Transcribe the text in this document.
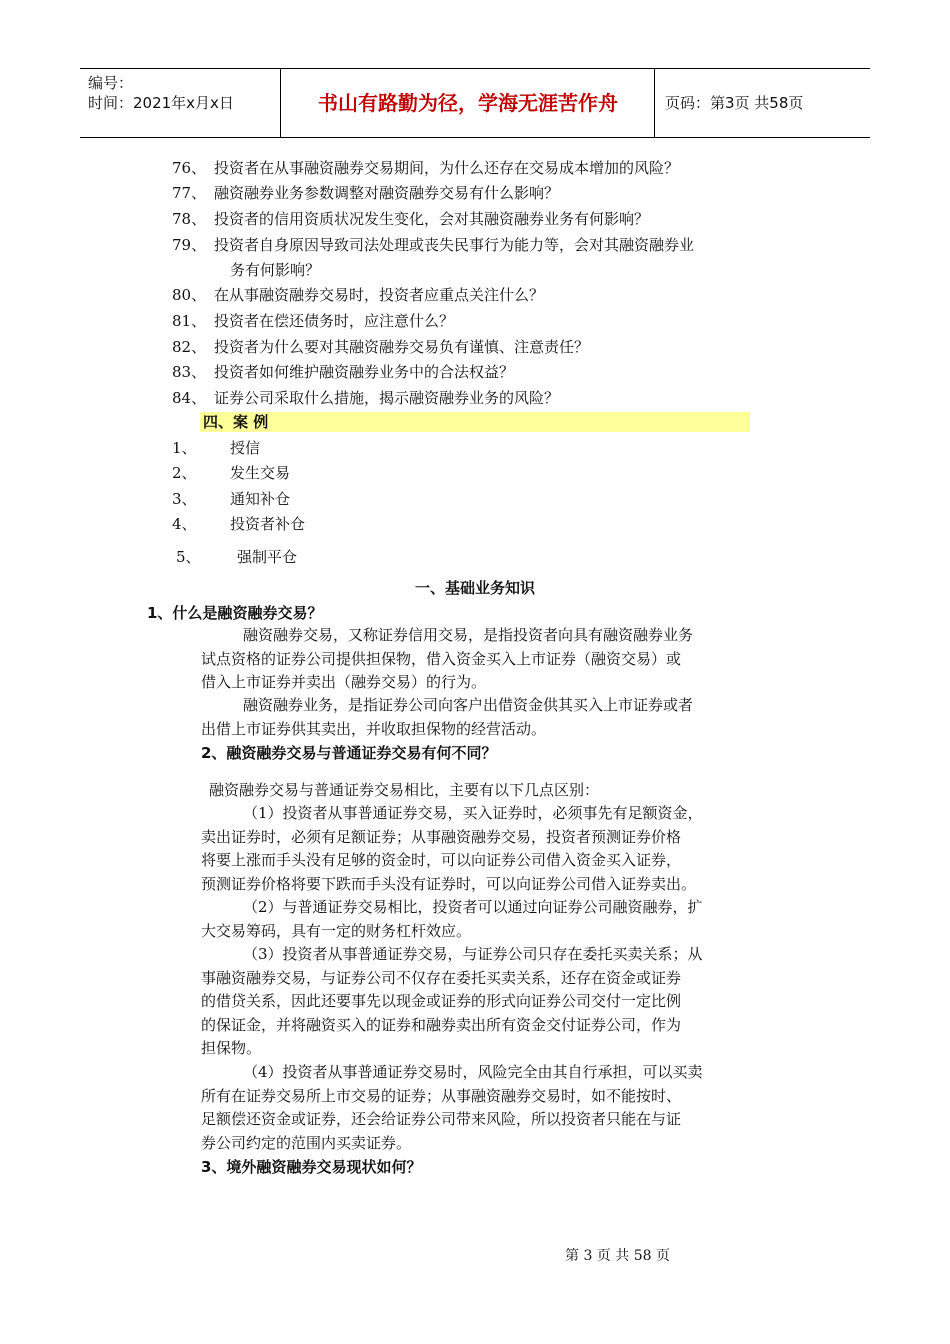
编号：
时间：2021年x月x日	书山有路勤为径，学海无涯苦作舟	页码：第3页 共58页
76、 投资者在从事融资融券交易期间，为什么还存在交易成本增加的风险？
77、 融资融券业务参数调整对融资融券交易有什么影响？
78、 投资者的信用资质状况发生变化，会对其融资融券业务有何影响？
79、 投资者自身原因导致司法处理或丧失民事行为能力等，会对其融资融券业
务有何影响？
80、 在从事融资融券交易时，投资者应重点关注什么？
81、 投资者在偿还债务时，应注意什么？
82、 投资者为什么要对其融资融券交易负有谨慎、注意责任？
83、 投资者如何维护融资融券业务中的合法权益？
84、 证券公司采取什么措施，揭示融资融券业务的风险？
四、案 例
1、 授信
2、 发生交易
3、 通知补仓
4、 投资者补仓
5、 强制平仓
一、基础业务知识
1、什么是融资融券交易？
融资融券交易，又称证券信用交易，是指投资者向具有融资融券业务
试点资格的证券公司提供担保物，借入资金买入上市证券（融资交易）或
借入上市证券并卖出（融券交易）的行为。
融资融券业务，是指证券公司向客户出借资金供其买入上市证券或者
出借上市证券供其卖出，并收取担保物的经营活动。
2、融资融券交易与普通证券交易有何不同？
融资融券交易与普通证券交易相比，主要有以下几点区别：
（1）投资者从事普通证券交易，买入证券时，必须事先有足额资金，
卖出证券时，必须有足额证券；从事融资融券交易，投资者预测证券价格
将要上涨而手头没有足够的资金时，可以向证券公司借入资金买入证券，
预测证券价格将要下跌而手头没有证券时，可以向证券公司借入证券卖出。
（2）与普通证券交易相比，投资者可以通过向证券公司融资融券，扩
大交易筹码，具有一定的财务杠杆效应。
（3）投资者从事普通证券交易，与证券公司只存在委托买卖关系；从
事融资融券交易，与证券公司不仅存在委托买卖关系，还存在资金或证券
的借贷关系，因此还要事先以现金或证券的形式向证券公司交付一定比例
的保证金，并将融资买入的证券和融券卖出所有资金交付证券公司，作为
担保物。
（4）投资者从事普通证券交易时，风险完全由其自行承担，可以买卖
所有在证券交易所上市交易的证券；从事融资融券交易时，如不能按时、
足额偿还资金或证券，还会给证券公司带来风险，所以投资者只能在与证
券公司约定的范围内买卖证券。
3、境外融资融券交易现状如何？
第 3 页 共 58 页
